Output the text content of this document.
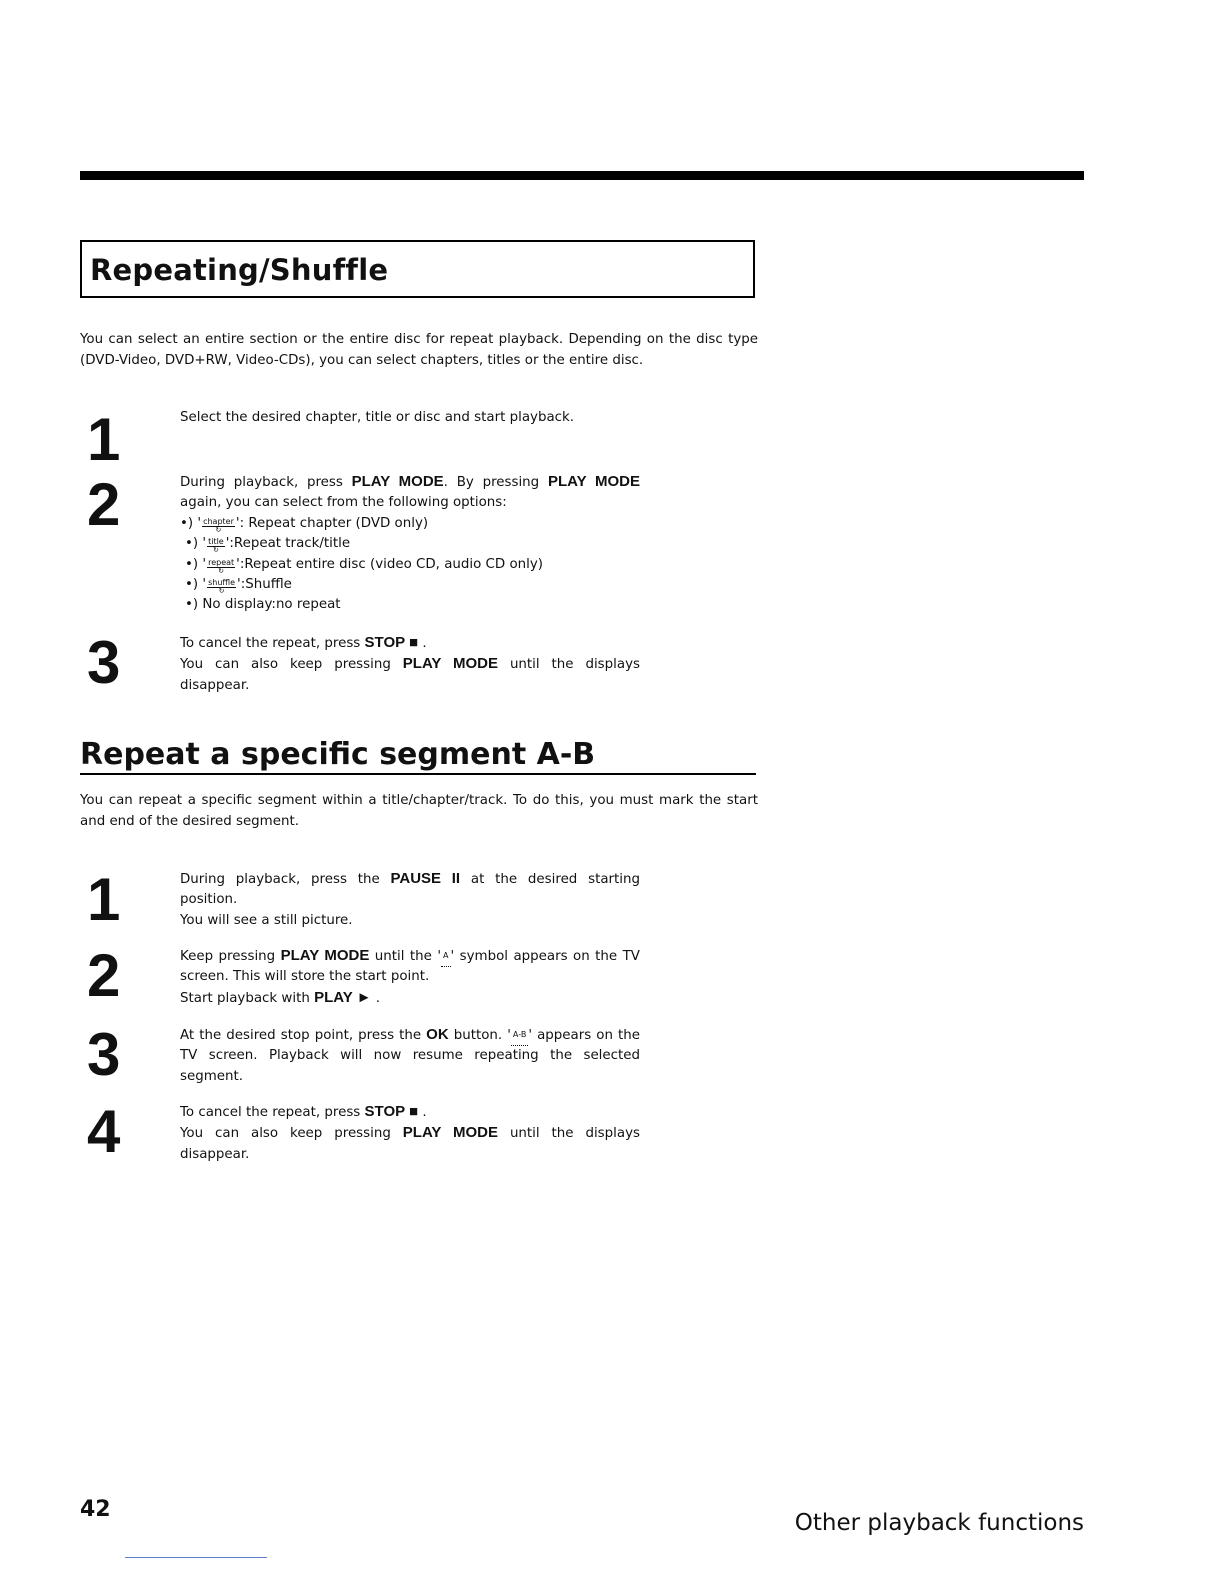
Repeating/Shuffle

You can select an entire section or the entire disc for repeat playback. Depending on the disc type (DVD-Video, DVD+RW, Video-CDs), you can select chapters, titles or the entire disc.

1	Select the desired chapter, title or disc and start playback.

2	During playback, press PLAY MODE. By pressing PLAY MODE again, you can select from the following options:
•) ' chapter ↻ ': Repeat chapter (DVD only)
•) ' title ↻ ':Repeat track/title
•) ' repeat ↻ ':Repeat entire disc (video CD, audio CD only)
•) ' shuffle ↻ ':Shuffle
•) No display:no repeat
3	To cancel the repeat, press STOP ■ .
You can also keep pressing PLAY MODE until the displays disappear.
Repeat a specific segment A-B

You can repeat a specific segment within a title/chapter/track. To do this, you must mark the start and end of the desired segment.

1	During playback, press the PAUSE II at the desired starting position.
You will see a still picture.
2	Keep pressing PLAY MODE until the ' A ' symbol appears on the TV screen. This will store the start point.
Start playback with PLAY ► .
3	At the desired stop point, press the OK button. ' A-B ' appears on the TV screen. Playback will now resume repeating the selected segment.
4	To cancel the repeat, press STOP ■ .
You can also keep pressing PLAY MODE until the displays disappear.
42
Other playback functions
